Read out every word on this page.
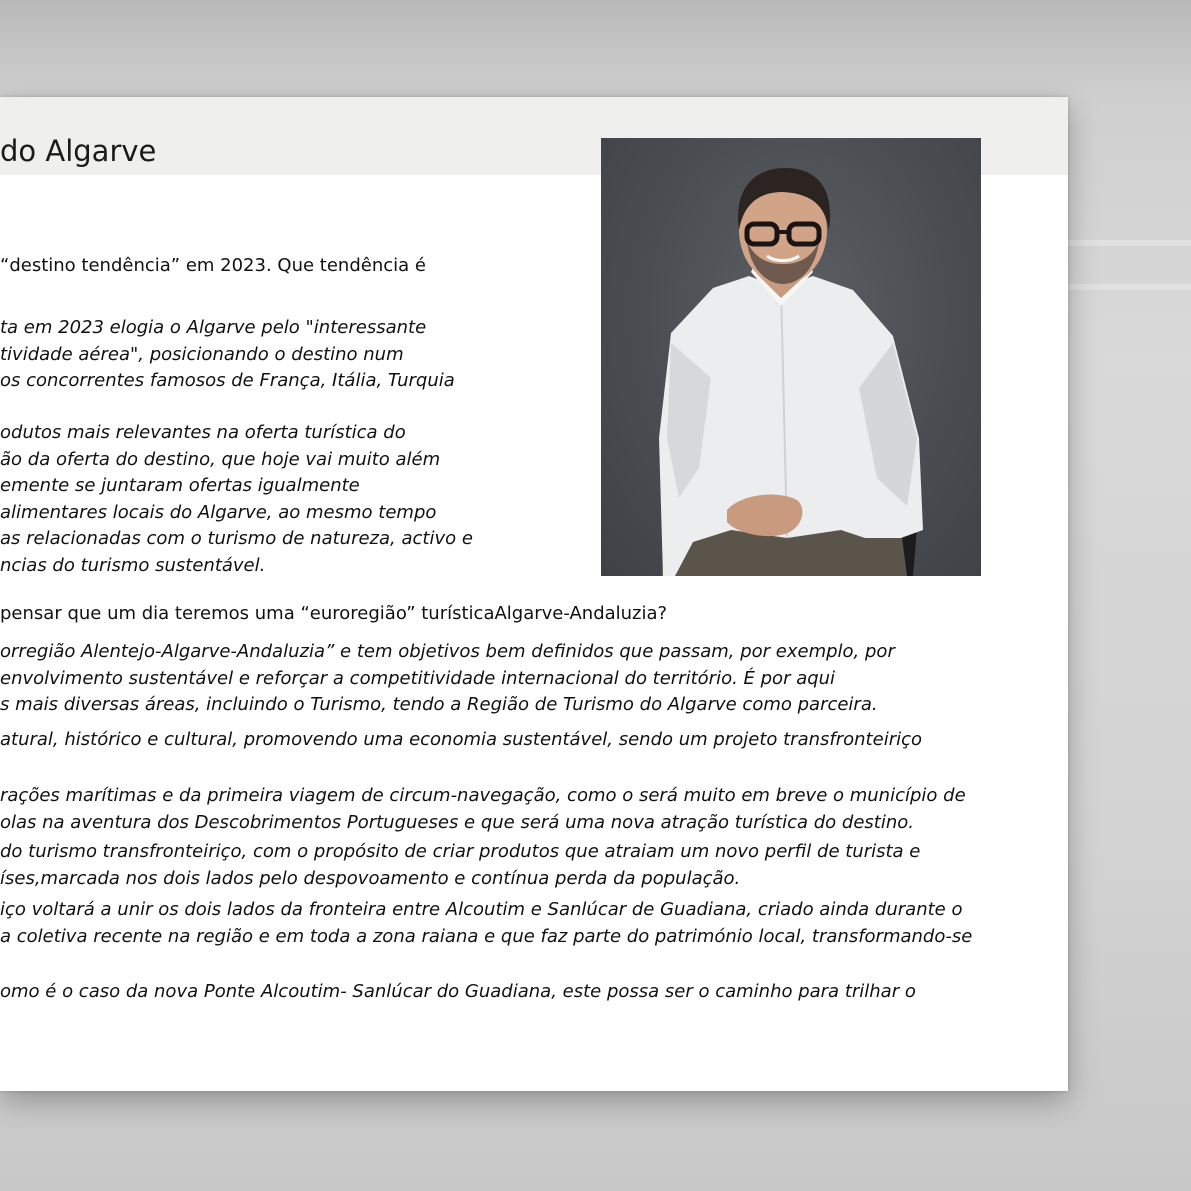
do Algarve
“destino tendência” em 2023. Que tendência é
ta em 2023 elogia o Algarve pelo "interessante
tividade aérea", posicionando o destino num
os concorrentes famosos de França, Itália, Turquia
odutos mais relevantes na oferta turística do
ão da oferta do destino, que hoje vai muito além
emente se juntaram ofertas igualmente
alimentares locais do Algarve, ao mesmo tempo
as relacionadas com o turismo de natureza, activo e
ncias do turismo sustentável.
pensar que um dia teremos uma “euroregião” turísticaAlgarve-Andaluzia?
orregião Alentejo-Algarve-Andaluzia” e tem objetivos bem definidos que passam, por exemplo, por
envolvimento sustentável e reforçar a competitividade internacional do território. É por aqui
s mais diversas áreas, incluindo o Turismo, tendo a Região de Turismo do Algarve como parceira.
atural, histórico e cultural, promovendo uma economia sustentável, sendo um projeto transfronteiriço
rações marítimas e da primeira viagem de circum-navegação, como o será muito em breve o município de
olas na aventura dos Descobrimentos Portugueses e que será uma nova atração turística do destino.
do turismo transfronteiriço, com o propósito de criar produtos que atraiam um novo perfil de turista e
íses,marcada nos dois lados pelo despovoamento e contínua perda da população.
iço voltará a unir os dois lados da fronteira entre Alcoutim e Sanlúcar de Guadiana, criado ainda durante o
a coletiva recente na região e em toda a zona raiana e que faz parte do património local, transformando-se
omo é o caso da nova Ponte Alcoutim- Sanlúcar do Guadiana, este possa ser o caminho para trilhar o
